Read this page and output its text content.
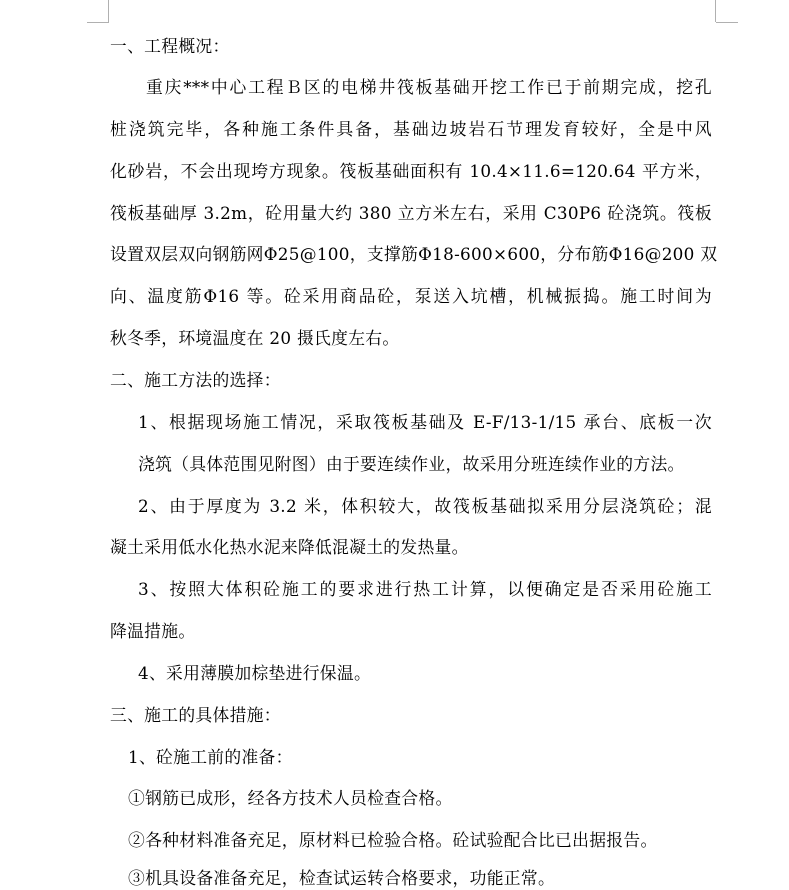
一、工程概况：
重庆***中心工程Ｂ区的电梯井筏板基础开挖工作已于前期完成，挖孔
桩浇筑完毕，各种施工条件具备，基础边坡岩石节理发育较好，全是中风
化砂岩，不会出现垮方现象。筏板基础面积有 10.4×11.6=120.64 平方米，
筏板基础厚 3.2m，砼用量大约 380 立方米左右，采用 C30P6 砼浇筑。筏板
设置双层双向钢筋网Φ25@100，支撑筋Φ18-600×600，分布筋Φ16@200 双
向、温度筋Φ16 等。砼采用商品砼，泵送入坑槽，机械振捣。施工时间为
秋冬季，环境温度在 20 摄氏度左右。
二、施工方法的选择：
1、根据现场施工情况，采取筏板基础及 E-F/13-1/15 承台、底板一次
浇筑（具体范围见附图）由于要连续作业，故采用分班连续作业的方法。
2、由于厚度为 3.2 米，体积较大，故筏板基础拟采用分层浇筑砼；混
凝土采用低水化热水泥来降低混凝土的发热量。
3、按照大体积砼施工的要求进行热工计算，以便确定是否采用砼施工
降温措施。
4、采用薄膜加棕垫进行保温。
三、施工的具体措施：
1、砼施工前的准备：
①钢筋已成形，经各方技术人员检查合格。
②各种材料准备充足，原材料已检验合格。砼试验配合比已出据报告。
③机具设备准备充足，检查试运转合格要求，功能正常。
